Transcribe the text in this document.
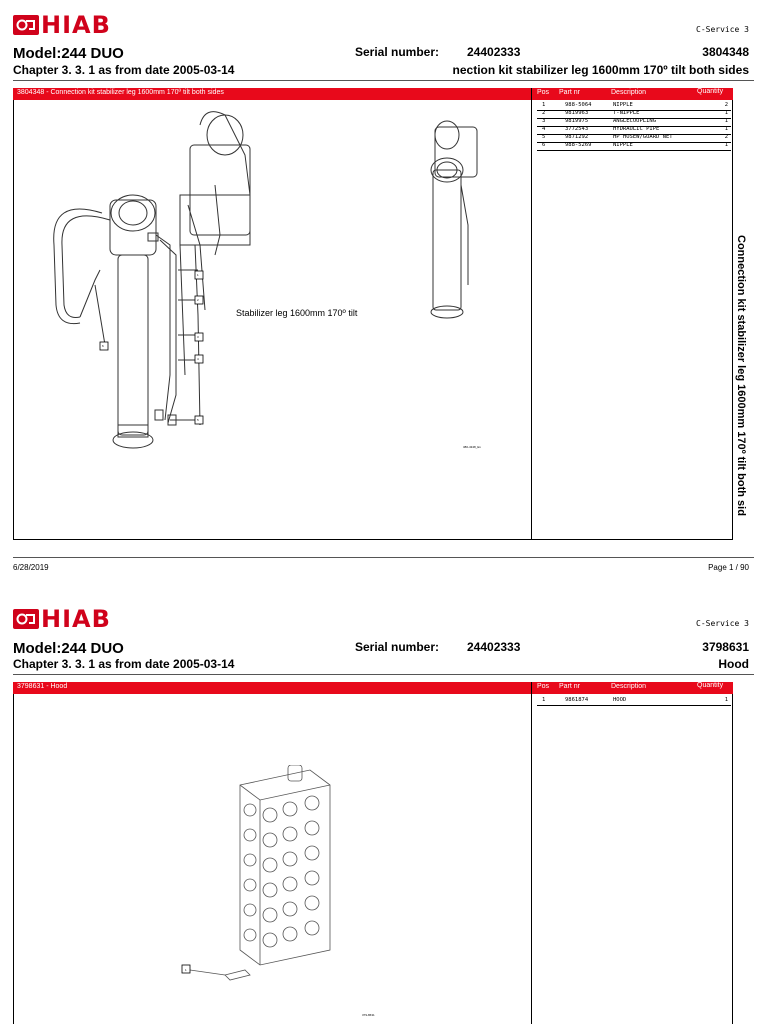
HIAB	C-Service 3
Model:244 DUO	Serial number: 24402333	3804348
Chapter 3. 3. 1 as from date 2005-03-14	nection kit stabilizer leg 1600mm 170º tilt both sides
3804348 - Connection kit stabilizer leg 1600mm 170º tilt both sides	Pos Part nr	Description	Quantity
1	988-5064	NIPPLE	2
2	9819963	T-NIPPLE	1
3	9819975	ANGLECOUPLING	1
4	3772543	HYDRAULIC PIPE	1
5	9871292	HP HOSEW/GUARD NET	2
6	988-5269	NIPPLE	1
1
2
3
4
5
6
Stabilizer leg 1600mm 170º tilt
380-4348_Ex	Connection kit stabilizer leg 1600mm 170º tilt both sid
6/28/2019	Page 1 / 90
HIAB	C-Service 3
Model:244 DUO	Serial number: 24402333	3798631
Chapter 3. 3. 1 as from date 2005-03-14	Hood
3798631 - Hood	Pos Part nr	Description	Quantity
1	9861874	HOOD	1
1
379-8631
